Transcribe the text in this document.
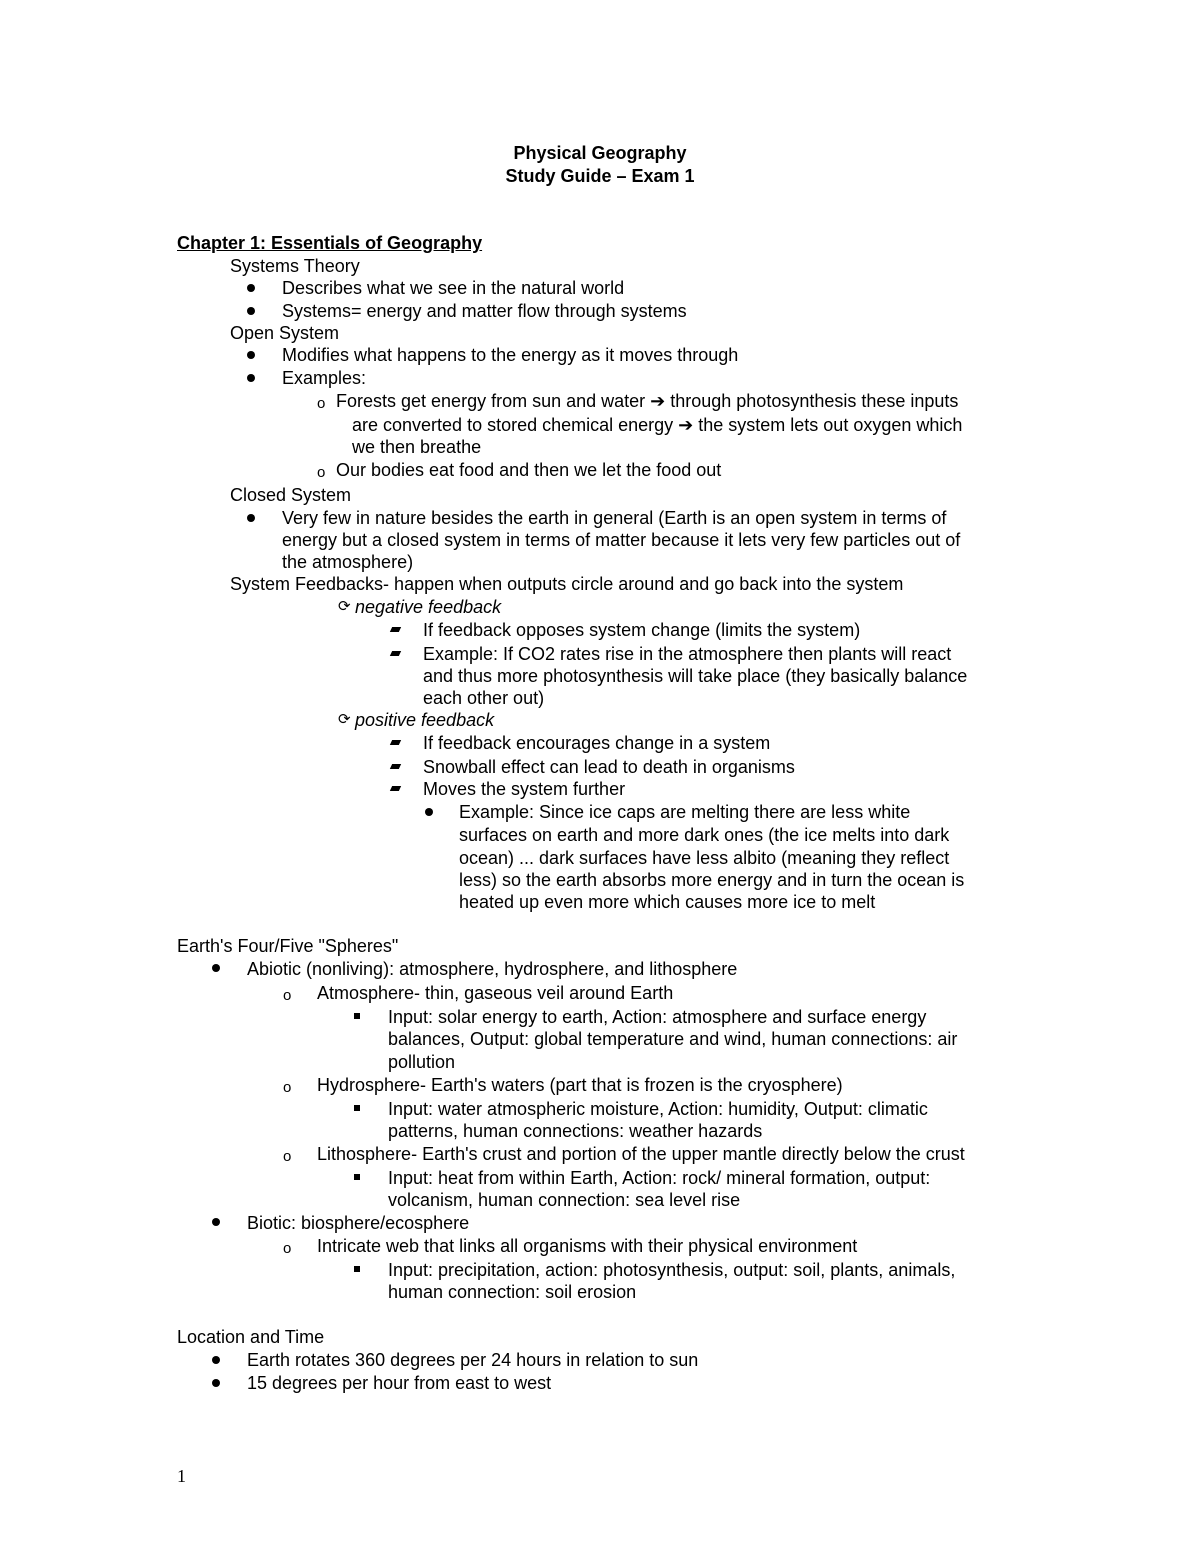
Physical Geography
Study Guide – Exam 1
Chapter 1: Essentials of Geography
Systems Theory
Describes what we see in the natural world
Systems= energy and matter flow through systems
Open System
Modifies what happens to the energy as it moves through
Examples:
o Forests get energy from sun and water ➔ through photosynthesis these inputs
are converted to stored chemical energy ➔ the system lets out oxygen which
we then breathe
o Our bodies eat food and then we let the food out
Closed System
Very few in nature besides the earth in general (Earth is an open system in terms of
energy but a closed system in terms of matter because it lets very few particles out of
the atmosphere)
System Feedbacks- happen when outputs circle around and go back into the system
⟳ negative feedback
If feedback opposes system change (limits the system)
Example: If CO2 rates rise in the atmosphere then plants will react
and thus more photosynthesis will take place (they basically balance
each other out)
⟳ positive feedback
If feedback encourages change in a system
Snowball effect can lead to death in organisms
Moves the system further
Example: Since ice caps are melting there are less white
surfaces on earth and more dark ones (the ice melts into dark
ocean) ... dark surfaces have less albito (meaning they reflect
less) so the earth absorbs more energy and in turn the ocean is
heated up even more which causes more ice to melt
Earth's Four/Five "Spheres"
Abiotic (nonliving): atmosphere, hydrosphere, and lithosphere
o Atmosphere- thin, gaseous veil around Earth
Input: solar energy to earth, Action: atmosphere and surface energy
balances, Output: global temperature and wind, human connections: air
pollution
o Hydrosphere- Earth's waters (part that is frozen is the cryosphere)
Input: water atmospheric moisture, Action: humidity, Output: climatic
patterns, human connections: weather hazards
o Lithosphere- Earth's crust and portion of the upper mantle directly below the crust
Input: heat from within Earth, Action: rock/ mineral formation, output:
volcanism, human connection: sea level rise
Biotic: biosphere/ecosphere
o Intricate web that links all organisms with their physical environment
Input: precipitation, action: photosynthesis, output: soil, plants, animals,
human connection: soil erosion
Location and Time
Earth rotates 360 degrees per 24 hours in relation to sun
15 degrees per hour from east to west
1
